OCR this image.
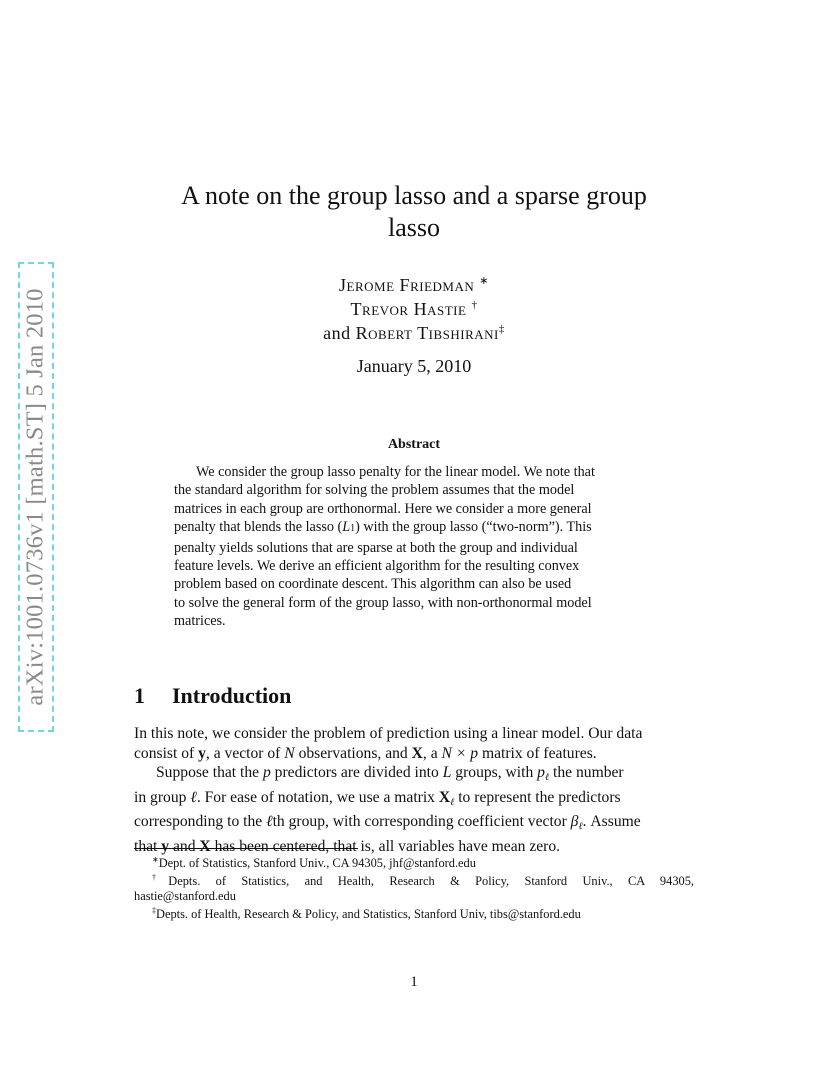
arXiv:1001.0736v1 [math.ST] 5 Jan 2010
A note on the group lasso and a sparse group
lasso
Jerome Friedman ∗
Trevor Hastie †
and Robert Tibshirani‡
January 5, 2010
Abstract
We consider the group lasso penalty for the linear model. We note that
the standard algorithm for solving the problem assumes that the model
matrices in each group are orthonormal. Here we consider a more general
penalty that blends the lasso (L1) with the group lasso (“two-norm”). This
penalty yields solutions that are sparse at both the group and individual
feature levels. We derive an efficient algorithm for the resulting convex
problem based on coordinate descent. This algorithm can also be used
to solve the general form of the group lasso, with non-orthonormal model
matrices.
1 Introduction
In this note, we consider the problem of prediction using a linear model. Our data
consist of y, a vector of N observations, and X, a N × p matrix of features.
Suppose that the p predictors are divided into L groups, with $p_\ell$ the number
in group ℓ. For ease of notation, we use a matrix $X_\ell$ to represent the predictors
corresponding to the ℓth group, with corresponding coefficient vector $\beta_\ell$. Assume
that y and X has been centered, that is, all variables have mean zero.
∗Dept. of Statistics, Stanford Univ., CA 94305, jhf@stanford.edu
†Depts. of Statistics, and Health, Research & Policy, Stanford Univ., CA 94305,
hastie@stanford.edu
‡Depts. of Health, Research & Policy, and Statistics, Stanford Univ, tibs@stanford.edu
1
